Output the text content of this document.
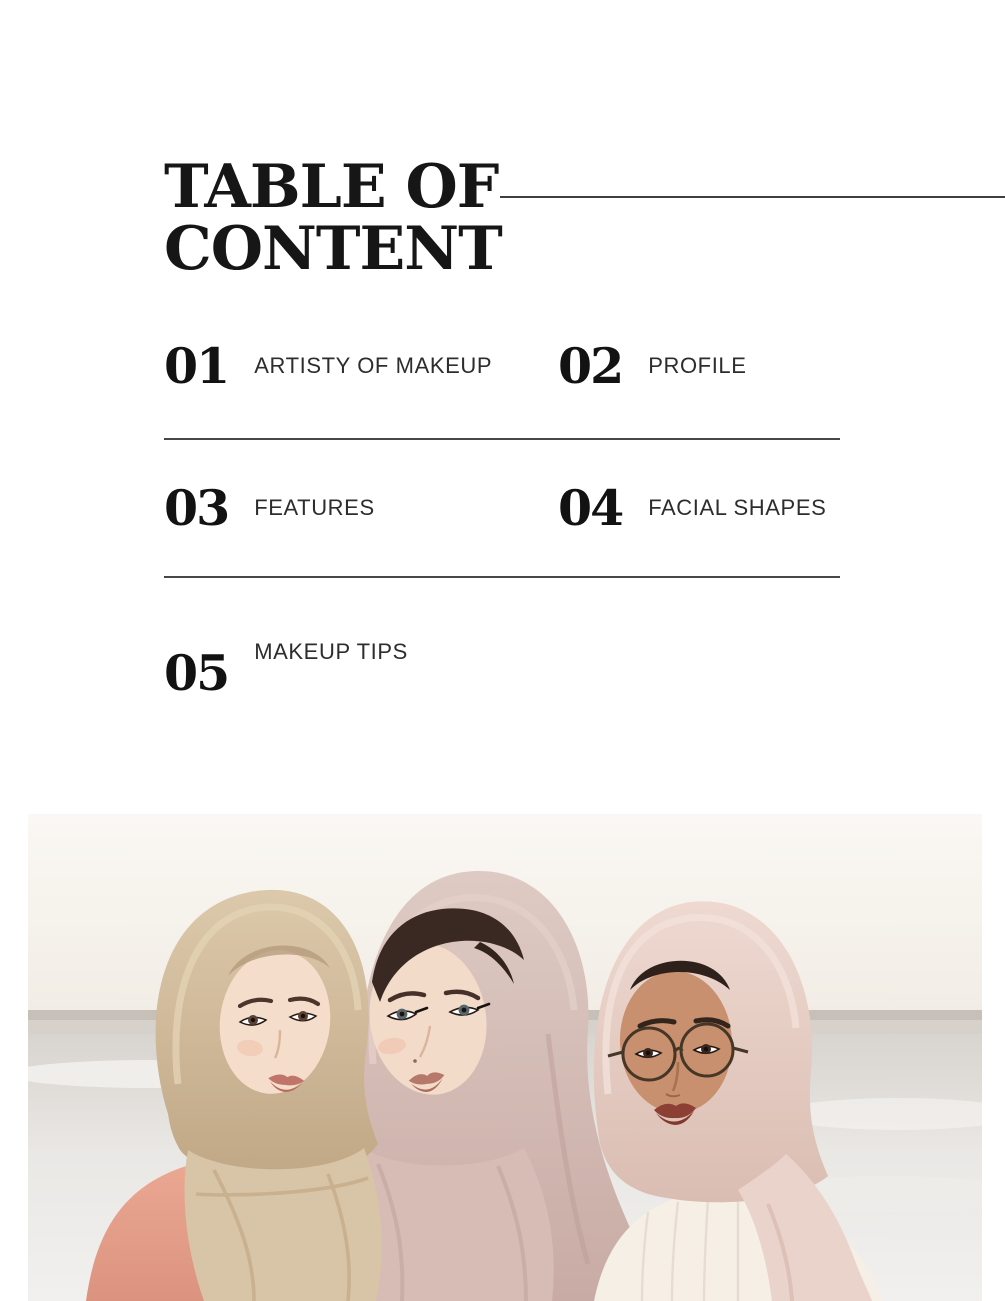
TABLE OF
CONTENT
01 ARTISTY OF MAKEUP 02 PROFILE
03 FEATURES	04 FACIAL SHAPES
05 MAKEUP TIPS
